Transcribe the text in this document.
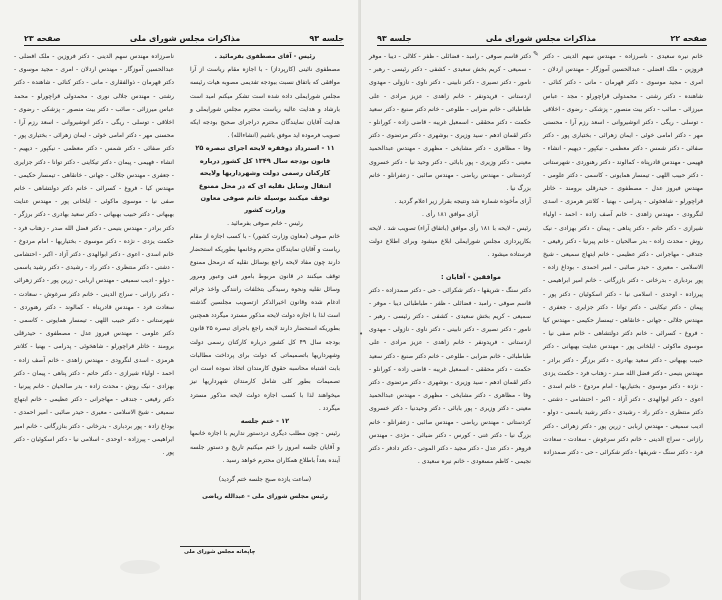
جلسه ۹۳
مذاکرات مجلس شورای ملی
صفحه ۲۳

رئیس - آقای مصطفوی بفرمائید .

مصطفوی نائینی (کارپرداز) - با اجازه مقام ریاست از آرا موافقی که باتفاق نسبت ببودجه تفدیمی مصوبه هیات رئیسه مجلس شورایملی داده شده است تشکر میکنم امید است بارشاد و هدایت عالیه ریاست محترم مجلس شورایملی و هدایت آقایان نمایندگان محترم دراجرای صحیح بودجه ایکه تصویب فرموده اید موفق باشیم (انشاءالله) .

۱۱ - استرداد دوفقره لایحه اجرای تبصره ۲۵ قانون بودجه سال ۱۳۴۹ کل کشور درباره کارکنان رسمی دولت وشهرداریها ولایحه انتقال وسایل نقلیه ای که در محل ممنوع توقف میکنند بوسیله خانم صوفی معاون وزارت کشور

رئیس - خانم صوفی بفرمائید .

خانم صوفی (معاون وزارت کشور) - با کسب اجازه از مقام ریاست و آقایان نمایندگان محترم وخانمها بطوریکه استحضار دارند چون مفاد لایحه راجع بوسائل نقلیه که درمحل ممنوع توقف میکنند در قانون مربوط بامور فنی وعبور ومرور وسائل نقلیه ونحوه رسیدگی بتخلفات رانندگی واخذ جرائم ادغام شده وقانون اخیرالذکر ازتصویب مجلسین گذشته است لذا با اجازه دولت لایحه مذکور مسترد میگردد همچنین بطوریکه استحضار دارند لایحه راجع باجرای تبصره ۲۵ قانون بودجه سال ۴۹ کل کشور درباره کارکنان رسمی دولت وشهرداریها باتصمیماتی که دولت برای پرداخت مطالبات بابت اشتباه محاسبه حقوق کارمندان اتخاذ نموده است این تصمیمات بطور کلی شامل کارمندان شهرداریها نیز میخواهند لذا با کسب اجازه دولت لایحه مذکور مسترد میگردد .

۱۲ - ختم جلسه

رئیس - چون مطلب دیگری دردستور نداریم با اجازه خانمها و آقایان جلسه امروز را ختم میکنیم تاریخ و دستور جلسه آینده بعداً باطلاع همکاران محترم خواهد رسید .

(ساعت یازده صبح جلسه ختم گردید)

رئیس مجلس شورای ملی - عبدالله ریاضی

ناصرزاده مهندس سهم الدینی - دکتر فروزین - ملک افضلی - عبدالحسین آموزگار - مهندس اردلان - امری - مجید موسوی - دکتر قهرمان - ذوالفقاری - مانی - دکتر کنائی - شاهنده - دکتر رشتی - مهندس جلالی نوری - محمدولی قراچورلو - محمد عباس میرزائی - صائب - دکتر بیت منصور - پزشکی - رضوی - اخلاقی - توسلی - ریگی - دکتر انوشیروانی - اسعد رزم آرا - محسنی مهر - دکتر امامی خوئی - ایمان زهرائی - بختیاری پور - دکتر صفائی - دکتر شمس - دکتر معظمی - نیکپور - دیهیم - انشاء - فهیمی - پیمان - دکتر تیکاینی - دکتر توانا - دکتر جزایری - جعفری - مهندس جلالی - جهانی - خانقاهی - تیمسار حکیمی - مهندس کیا - فروغ - کسرائی - خانم دکتر دولتشاهی - خانم صفی نیا - موسوی ماکوئی - ایلخانی پور - مهندس عنایت بهبهانی - دکتر حبیب بهبهانی - دکتر سعید بهادری - دکتر برزگر - دکتر برادر - مهندس بنیمی - دکتر فضل الله صدر - زهتاب فرد - حکمت یزدی - نژده - دکتر موسوی - بختیاریها - امام مردوخ - خانم اسدی - اعوی - دکتر ابوالهدی - دکتر آزاد - اکبر - احتشامی - دشتی - دکتر منتظری - دکتر راد - رشیدی - دکتر رشید یاسمی - دولو - ادیب سمیعی - مهندس اربابی - زرین پور - دکتر زهرائی - دکتر رازانی - سراج الدینی - خانم دکتر سرغوش - سعادت - سعادت فرد - مهندس قادرپناه - کمالوند - دکتر رهنوردی - شهرستانی - دکتر حبیب اللهی - تیمسار همایونی - کاسمی - دکتر علومی - مهندس فیروز عدل - مصطفوی - حیدرقلی برومند - خاتلر قراچورلو - شاهخوئی - پدرامی - بهنیا - کلانتر هرمزی - اسدی لنگرودی - مهندس زاهدی - خانم آصف زاده - احمد - اولیاء شیرازی - دکتر حاتم - دکتر پناهی - پیمان - دکتر بهزادی - نیک روش - محدث زاده - بدر صالحیان - خانم پیرنیا - دکتر رفیعی - جندقی - مهاجرانی - دکتر عظیمی - خانم ابتهاج سمیعی - شیخ الاسلامی - معیری - حیدر صائبی - امیر احمدی - بوداغ زاده - پور بردباری - بدرخانی - دکتر بنازرگانی - خانم امیر ابراهیمی - پیرزاده - اوحدی - اسلامی نیا - دکتر اسکوئیان - دکتر پور .

چاپخانه مجلس شورای ملی
صفحه ۲۲
مذاکرات مجلس شورای ملی
جلسه ۹۳

خانم نیره سعیدی - ناصرزاده - مهندس سهم الدینی - دکتر فروزین - ملک افضلی - عبدالحسین آموزگار - مهندس اردلان - امری - مجید موسوی - دکتر قهرمان - مانی - دکتر کنائی - شاهنده - دکتر رشتی - محمدولی قراچورلو - مجد - عباس میرزائی - صائب - دکتر بیت منصور - پزشکی - رضوی - اخلاقی - توسلی - ریگی - دکتر انوشیروانی - اسعد رزم آرا - محسنی مهر - دکتر امامی خوئی - ایمان زهرائی - بختیاری پور - دکتر صفائی - دکتر شمس - دکتر معظمی - نیکپور - دیهیم - انشاء - فهیمی - مهندس قادرپناه - کمالوند - دکتر رهنوردی - شهرستانی - دکتر حبیب اللهی - تیمسار همایونی - کاسمی - دکتر علومی - مهندس فیروز عدل - مصطفوی - حیدرقلی برومند - خاتلر قراچورلو - شاهخوئی - پدرامی - بهنیا - کلانتر هرمزی - اسدی لنگرودی - مهندس زاهدی - خانم آصف زاده - احمد - اولیاء شیرازی - دکتر حاتم - دکتر پناهی - پیمان - دکتر بهزادی - نیک روش - محدث زاده - بدر صالحیان - خانم پیرنیا - دکتر رفیعی - جندقی - مهاجرانی - دکتر عظیمی - خانم ابتهاج سمیعی - شیخ الاسلامی - معیری - حیدر صائبی - امیر احمدی - بوداغ زاده - پور بردباری - بدرخانی - دکتر بازرگانی - خانم امیر ابراهیمی - پیرزاده - اوحدی - اسلامی نیا - دکتر اسکوئیان - دکتر پور - پیمان - دکتر تیکاینی - دکتر توانا - دکتر جزایری - جعفری - مهندس جلالی - جهانی - خانقاهی - تیمسار حکیمی - مهندس کیا - فروغ - کسرائی - خانم دکتر دولتشاهی - خانم صفی نیا - موسوی ماکوئی - ایلخانی پور - مهندس عنایت بهبهانی - دکتر حبیب بهبهانی - دکتر سعید بهادری - دکتر برزگر - دکتر برادر - مهندس بنیمی - دکتر فضل الله صدر - زهتاب فرد - حکمت یزدی - نژده - دکتر موسوی - بختیاریها - امام مردوخ - خانم اسدی - اعوی - دکتر ابوالهدی - دکتر آزاد - اکبر - احتشامی - دشتی - دکتر منتظری - دکتر راد - رشیدی - دکتر رشید یاسمی - دولو - ادیب سمیعی - مهندس اربابی - زرین پور - دکتر زهرائی - دکتر رازانی - سراج الدینی - خانم دکتر سرغوش - سعادت - سعادت فرد - دکتر سنگ - شریفها - دکتر شکرائی - حی - دکتر صمدزاده

دکتر قاسم صوفی - رامبد - فضائلی - ظفر - کلالی - دیبا - موفر - سمیعی - کریم بخش سعیدی - کشفی - دکتر رئیسی - رهبر - نامور - دکتر نصیری - دکتر نابینی - دکتر ناوی - نازولی - مهدوی اردستانی - فریدونفر - خانم زاهدی - عزیز مرادی - علی طباطبائی - خانم ضرابی - طلوعی - خانم دکتر صنیع - دکتر سعید حکمت - دکتر محققی - اسمعیل غریبه - قاضی زاده - کورانلو - دکتر لقمان ادهم - سید وزیری - بوشهری - دکتر مرتضوی - دکتر وفا - مظاهری - دکتر مشایخی - مظهری - مهندس عبدالحمید معینی - دکتر وزیری - پور بابائی - دکتر وحید نیا - دکتر خسروی کردستانی - مهندس ریاضی - مهندس صائبی - زعفرانلو - خانم بزرگ نیا .

آرای مأخوذه شماره شد ونتیجه بقرار زیر اعلام گردید .

آرای موافق ۱۸۱ رأی .

رئیس - لایحه با ۱۸۱ رأی موافق (باتفاق آراء) تصویب شد . لایحه بکارپردازی مجلس شورایملی ابلاغ میشود وبرای اطلاع دولت فرستاده میشود .

موافقین - آقایان :

دکتر سنگ - شریفها - دکتر شکرائی - حی - دکتر صمدزاده - دکتر قاسم صوفی - رامبد - فضائلی - ظفر - طباطبائی دیبا - موفر - سمیعی - کریم بخش سعیدی - کشفی - دکتر رئیسی - رهبر - نامور - دکتر نصیری - دکتر نابینی - دکتر ناوی - نازولی - مهدوی اردستانی - فریدونفر - خانم زاهدی - عزیز مرادی - علی طباطبائی - خانم ضرابی - طلوعی - خانم دکتر صنیع - دکتر سعید حکمت - دکتر محققی - اسمعیل غریبه - قاضی زاده - کورانلو - دکتر لقمان ادهم - سید وزیری - بوشهری - دکتر مرتضوی - دکتر وفا - مظاهری - دکتر مشایخی - مظهری - مهندس عبدالحمید معینی - دکتر وزیری - پور بابائی - دکتر وحیدنیا - دکتر خسروی کردستانی - مهندس ریاضی - مهندس صائبی - زعفرانلو - خانم بزرگ نیا - دکتر غنی - کورس - دکتر ضیائی - مژدی - مهندس فروهر - دکتر عدل - دکتر مجید - دکتر الموتی - دکتر دادفر - دکتر نجیمی - کاظم مسعودی - خانم نیره سعیدی .

✎
•
